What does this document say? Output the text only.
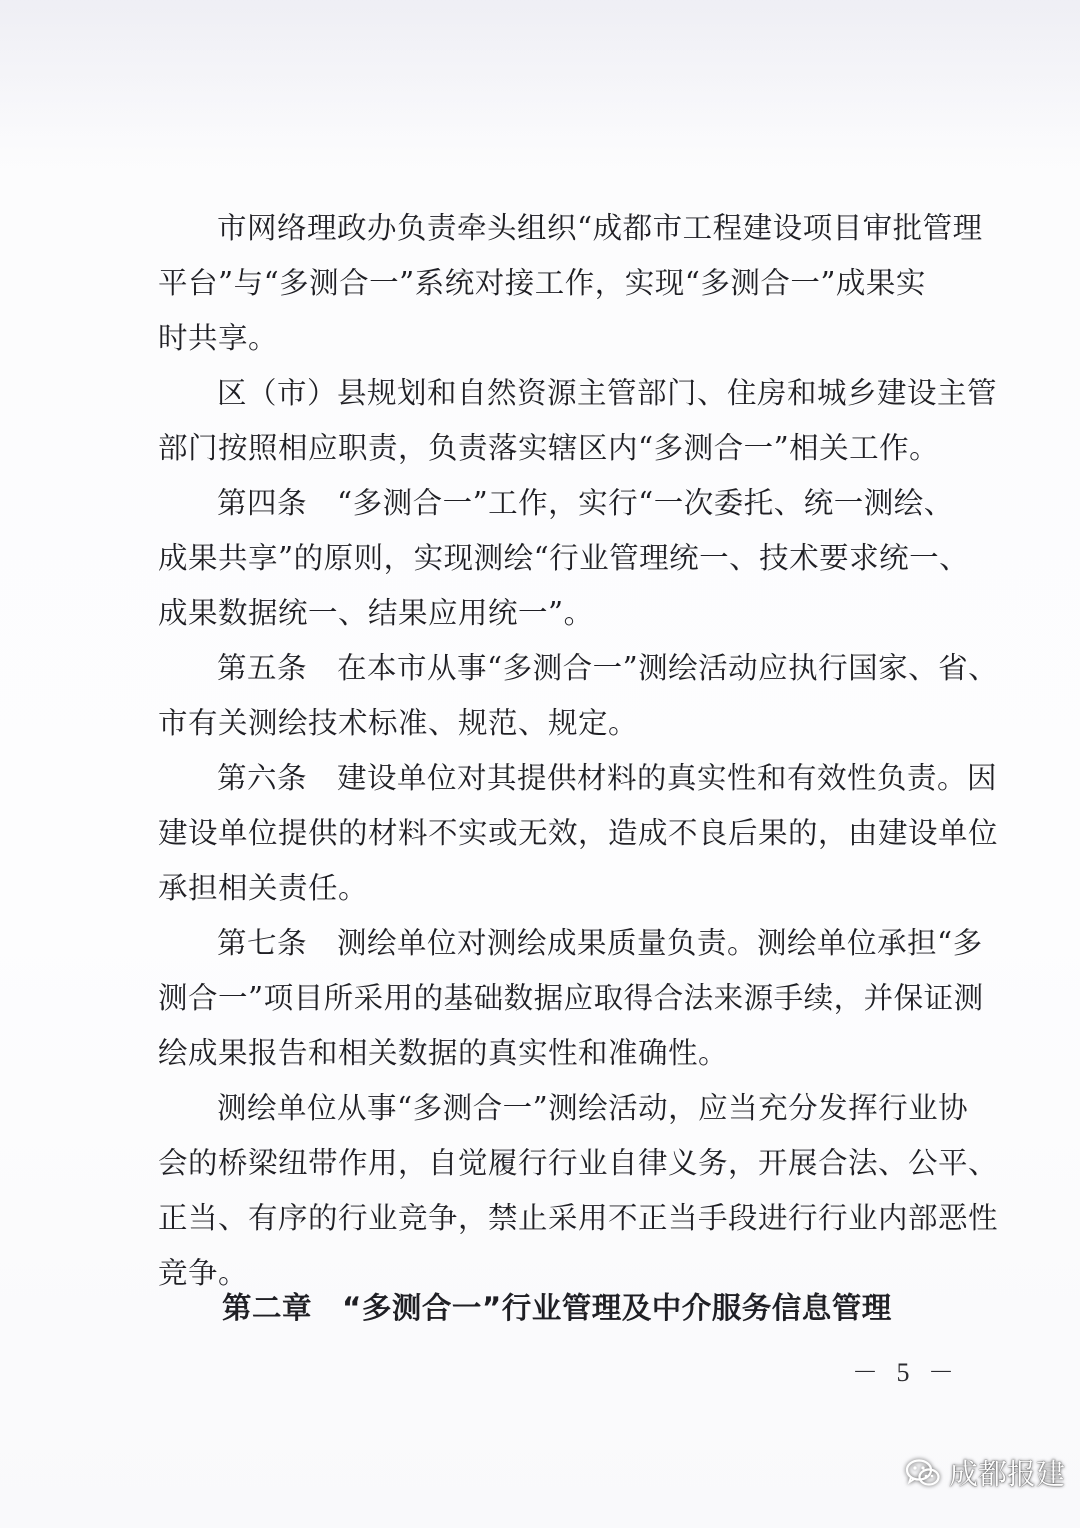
市网络理政办负责牵头组织“成都市工程建设项目审批管理
平台”与“多测合一”系统对接工作，实现“多测合一”成果实
时共享。
区（市）县规划和自然资源主管部门、住房和城乡建设主管
部门按照相应职责，负责落实辖区内“多测合一”相关工作。
第四条　“多测合一”工作，实行“一次委托、统一测绘、
成果共享”的原则，实现测绘“行业管理统一、技术要求统一、
成果数据统一、结果应用统一”。
第五条　在本市从事“多测合一”测绘活动应执行国家、省、
市有关测绘技术标准、规范、规定。
第六条　建设单位对其提供材料的真实性和有效性负责。因
建设单位提供的材料不实或无效，造成不良后果的，由建设单位
承担相关责任。
第七条　测绘单位对测绘成果质量负责。测绘单位承担“多
测合一”项目所采用的基础数据应取得合法来源手续，并保证测
绘成果报告和相关数据的真实性和准确性。
测绘单位从事“多测合一”测绘活动，应当充分发挥行业协
会的桥梁纽带作用，自觉履行行业自律义务，开展合法、公平、
正当、有序的行业竞争，禁止采用不正当手段进行行业内部恶性
竞争。
第二章　“多测合一”行业管理及中介服务信息管理
－ 5 －
成都报建
